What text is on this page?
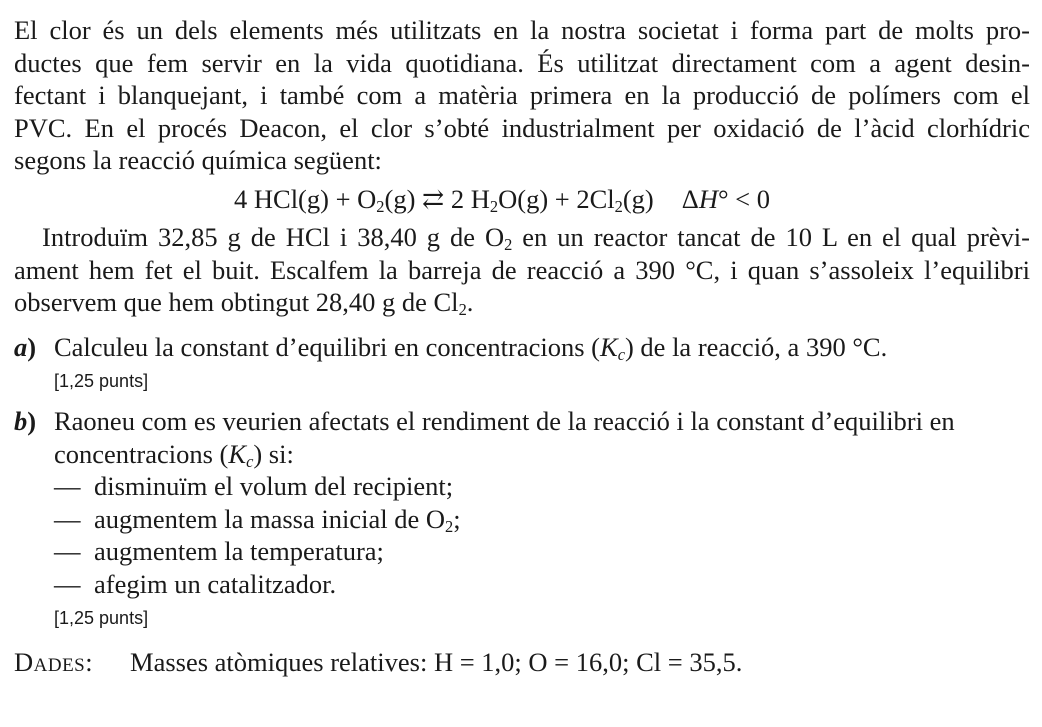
El clor és un dels elements més utilitzats en la nostra societat i forma part de molts pro-
ductes que fem servir en la vida quotidiana. És utilitzat directament com a agent desin-
fectant i blanquejant, i també com a matèria primera en la producció de polímers com el
PVC. En el procés Deacon, el clor s’obté industrialment per oxidació de l’àcid clorhídric
segons la reacció química següent:
4 $HCl(g) + O_2(g)$ ⇄ 2 $H_2O(g) + 2Cl_2(g) \Delta H^\circ < 0$
Introduïm 32,85 g de HCl i 38,40 g de $O_2$ en un reactor tancat de 10 L en el qual prèvi-
ament hem fet el buit. Escalfem la barreja de reacció a 390 °C, i quan s’assoleix l’equilibri
observem que hem obtingut 28,40 g de $Cl_2$.
a) Calculeu la constant d’equilibri en concentracions $(K_c)$ de la reacció, a 390 °C.
[1,25 punts]
b) Raoneu com es veurien afectats el rendiment de la reacció i la constant d’equilibri en
concentracions $(K_c)$ si:
— disminuïm el volum del recipient;
— augmentem la massa inicial de $O_2$;
— augmentem la temperatura;
— afegim un catalitzador.
[1,25 punts]
Dades: Masses atòmiques relatives: H = 1,0; O = 16,0; Cl = 35,5.
